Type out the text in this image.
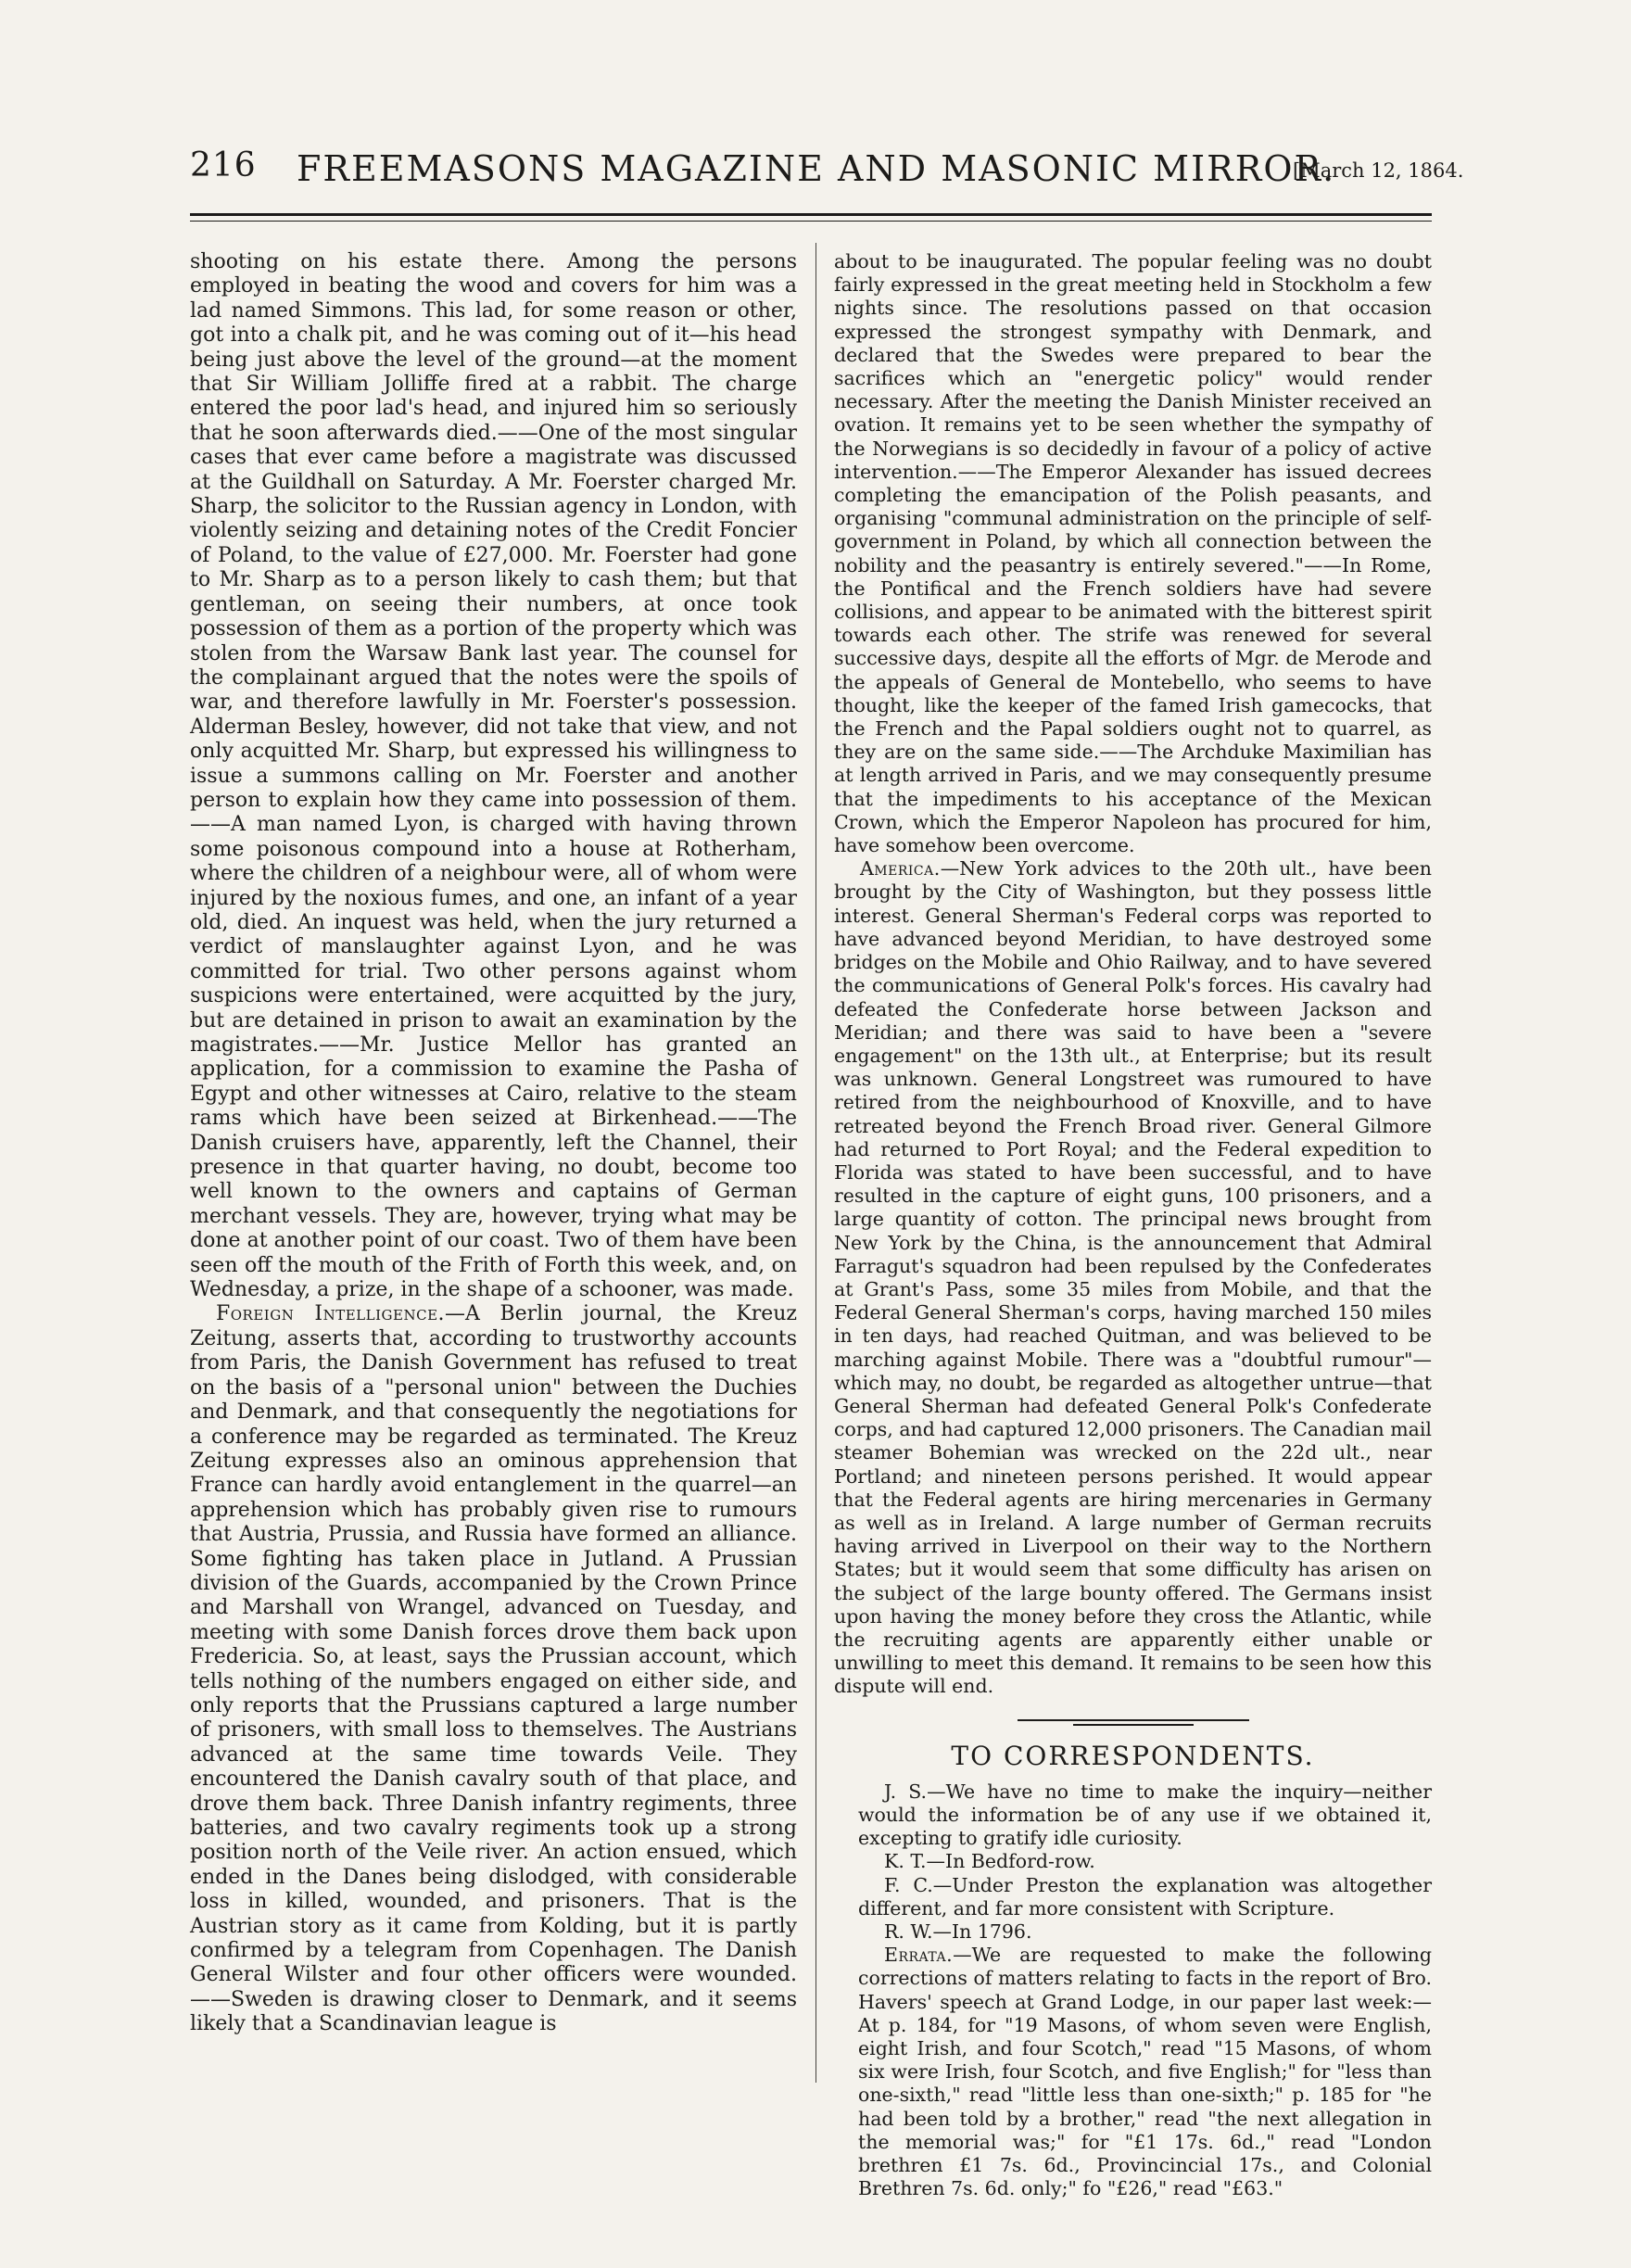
216 FREEMASONS MAGAZINE AND MASONIC MIRROR.
[March 12, 1864.

shooting on his estate there. Among the persons employed in beating the wood and covers for him was a lad named Simmons. This lad, for some reason or other, got into a chalk pit, and he was coming out of it—his head being just above the level of the ground—at the moment that Sir William Jolliffe fired at a rabbit. The charge entered the poor lad's head, and injured him so seriously that he soon afterwards died.——One of the most singular cases that ever came before a magistrate was discussed at the Guildhall on Saturday. A Mr. Foerster charged Mr. Sharp, the solicitor to the Russian agency in London, with violently seizing and detaining notes of the Credit Foncier of Poland, to the value of £27,000. Mr. Foerster had gone to Mr. Sharp as to a person likely to cash them; but that gentleman, on seeing their numbers, at once took possession of them as a portion of the property which was stolen from the Warsaw Bank last year. The counsel for the complainant argued that the notes were the spoils of war, and therefore lawfully in Mr. Foerster's possession. Alderman Besley, however, did not take that view, and not only acquitted Mr. Sharp, but expressed his willingness to issue a summons calling on Mr. Foerster and another person to explain how they came into possession of them. ——A man named Lyon, is charged with having thrown some poisonous compound into a house at Rotherham, where the children of a neighbour were, all of whom were injured by the noxious fumes, and one, an infant of a year old, died. An inquest was held, when the jury returned a verdict of manslaughter against Lyon, and he was committed for trial. Two other persons against whom suspicions were entertained, were acquitted by the jury, but are detained in prison to await an examination by the magistrates.——Mr. Justice Mellor has granted an application, for a commission to examine the Pasha of Egypt and other witnesses at Cairo, relative to the steam rams which have been seized at Birkenhead.——The Danish cruisers have, apparently, left the Channel, their presence in that quarter having, no doubt, become too well known to the owners and captains of German merchant vessels. They are, however, trying what may be done at another point of our coast. Two of them have been seen off the mouth of the Frith of Forth this week, and, on Wednesday, a prize, in the shape of a schooner, was made.

Foreign Intelligence.—A Berlin journal, the Kreuz Zeitung, asserts that, according to trustworthy accounts from Paris, the Danish Government has refused to treat on the basis of a "personal union" between the Duchies and Denmark, and that consequently the negotiations for a conference may be regarded as terminated. The Kreuz Zeitung expresses also an ominous apprehension that France can hardly avoid entanglement in the quarrel—an apprehension which has probably given rise to rumours that Austria, Prussia, and Russia have formed an alliance. Some fighting has taken place in Jutland. A Prussian division of the Guards, accompanied by the Crown Prince and Marshall von Wrangel, advanced on Tuesday, and meeting with some Danish forces drove them back upon Fredericia. So, at least, says the Prussian account, which tells nothing of the numbers engaged on either side, and only reports that the Prussians captured a large number of prisoners, with small loss to themselves. The Austrians advanced at the same time towards Veile. They encountered the Danish cavalry south of that place, and drove them back. Three Danish infantry regiments, three batteries, and two cavalry regiments took up a strong position north of the Veile river. An action ensued, which ended in the Danes being dislodged, with considerable loss in killed, wounded, and prisoners. That is the Austrian story as it came from Kolding, but it is partly confirmed by a telegram from Copenhagen. The Danish General Wilster and four other officers were wounded.——Sweden is drawing closer to Denmark, and it seems likely that a Scandinavian league is

about to be inaugurated. The popular feeling was no doubt fairly expressed in the great meeting held in Stockholm a few nights since. The resolutions passed on that occasion expressed the strongest sympathy with Denmark, and declared that the Swedes were prepared to bear the sacrifices which an "energetic policy" would render necessary. After the meeting the Danish Minister received an ovation. It remains yet to be seen whether the sympathy of the Norwegians is so decidedly in favour of a policy of active intervention.——The Emperor Alexander has issued decrees completing the emancipation of the Polish peasants, and organising "communal administration on the principle of self-government in Poland, by which all connection between the nobility and the peasantry is entirely severed."——In Rome, the Pontifical and the French soldiers have had severe collisions, and appear to be animated with the bitterest spirit towards each other. The strife was renewed for several successive days, despite all the efforts of Mgr. de Merode and the appeals of General de Montebello, who seems to have thought, like the keeper of the famed Irish gamecocks, that the French and the Papal soldiers ought not to quarrel, as they are on the same side.——The Archduke Maximilian has at length arrived in Paris, and we may consequently presume that the impediments to his acceptance of the Mexican Crown, which the Emperor Napoleon has procured for him, have somehow been overcome.

America.—New York advices to the 20th ult., have been brought by the City of Washington, but they possess little interest. General Sherman's Federal corps was reported to have advanced beyond Meridian, to have destroyed some bridges on the Mobile and Ohio Railway, and to have severed the communications of General Polk's forces. His cavalry had defeated the Confederate horse between Jackson and Meridian; and there was said to have been a "severe engagement" on the 13th ult., at Enterprise; but its result was unknown. General Longstreet was rumoured to have retired from the neighbourhood of Knoxville, and to have retreated beyond the French Broad river. General Gilmore had returned to Port Royal; and the Federal expedition to Florida was stated to have been successful, and to have resulted in the capture of eight guns, 100 prisoners, and a large quantity of cotton. The principal news brought from New York by the China, is the announcement that Admiral Farragut's squadron had been repulsed by the Confederates at Grant's Pass, some 35 miles from Mobile, and that the Federal General Sherman's corps, having marched 150 miles in ten days, had reached Quitman, and was believed to be marching against Mobile. There was a "doubtful rumour"—which may, no doubt, be regarded as altogether untrue—that General Sherman had defeated General Polk's Confederate corps, and had captured 12,000 prisoners. The Canadian mail steamer Bohemian was wrecked on the 22d ult., near Portland; and nineteen persons perished. It would appear that the Federal agents are hiring mercenaries in Germany as well as in Ireland. A large number of German recruits having arrived in Liverpool on their way to the Northern States; but it would seem that some difficulty has arisen on the subject of the large bounty offered. The Germans insist upon having the money before they cross the Atlantic, while the recruiting agents are apparently either unable or unwilling to meet this demand. It remains to be seen how this dispute will end.

TO CORRESPONDENTS.

J. S.—We have no time to make the inquiry—neither would the information be of any use if we obtained it, excepting to gratify idle curiosity.

K. T.—In Bedford-row.

F. C.—Under Preston the explanation was altogether different, and far more consistent with Scripture.

R. W.—In 1796.

Errata.—We are requested to make the following corrections of matters relating to facts in the report of Bro. Havers' speech at Grand Lodge, in our paper last week:—At p. 184, for "19 Masons, of whom seven were English, eight Irish, and four Scotch," read "15 Masons, of whom six were Irish, four Scotch, and five English;" for "less than one-sixth," read "little less than one-sixth;" p. 185 for "he had been told by a brother," read "the next allegation in the memorial was;" for "£1 17s. 6d.," read "London brethren £1 7s. 6d., Provincincial 17s., and Colonial Brethren 7s. 6d. only;" fo "£26," read "£63."
